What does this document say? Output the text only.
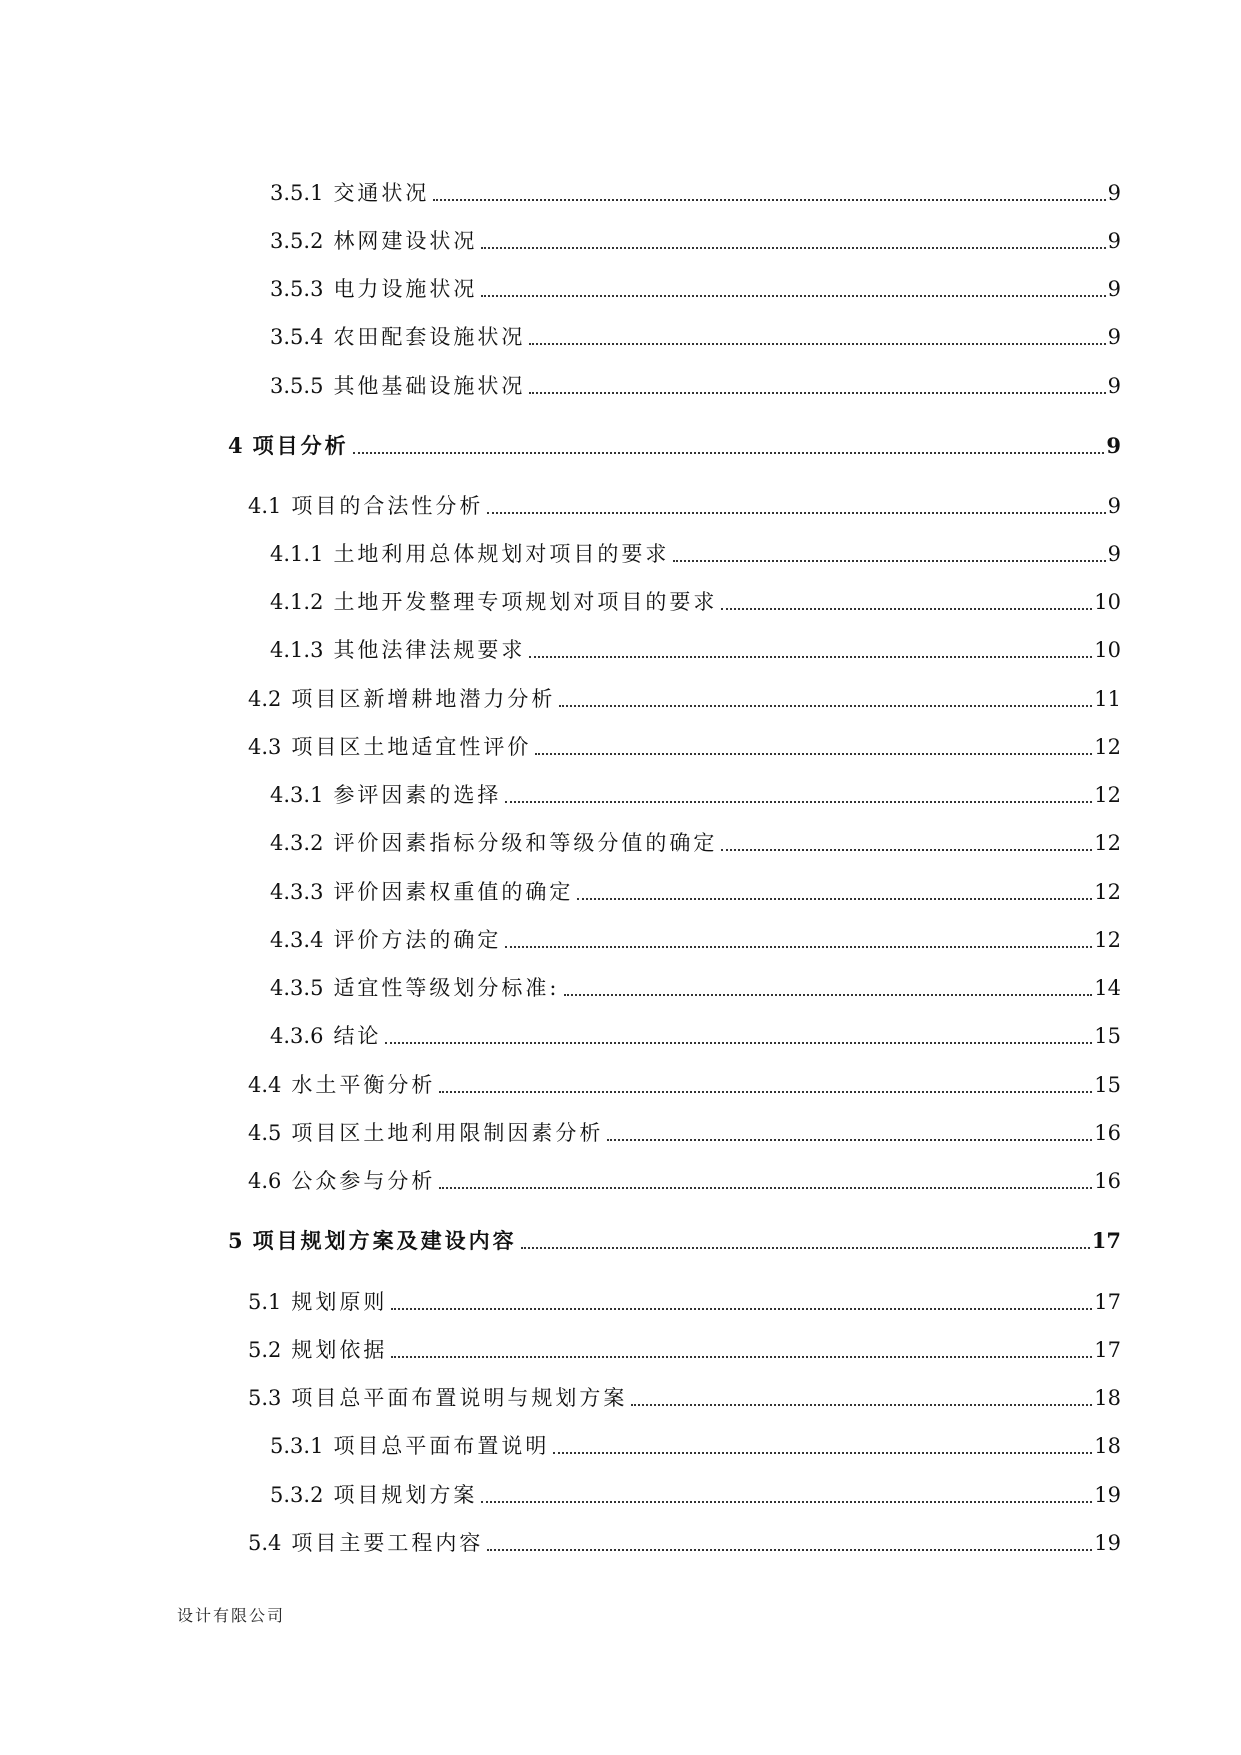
3.5.1 交通状况	9
3.5.2 林网建设状况	9
3.5.3 电力设施状况	9
3.5.4 农田配套设施状况	9
3.5.5 其他基础设施状况	9
4 项目分析	9
4.1 项目的合法性分析	9
4.1.1 土地利用总体规划对项目的要求	9
4.1.2 土地开发整理专项规划对项目的要求	10
4.1.3 其他法律法规要求	10
4.2 项目区新增耕地潜力分析	11
4.3 项目区土地适宜性评价	12
4.3.1 参评因素的选择	12
4.3.2 评价因素指标分级和等级分值的确定	12
4.3.3 评价因素权重值的确定	12
4.3.4 评价方法的确定	12
4.3.5 适宜性等级划分标准:	14
4.3.6 结论	15
4.4 水土平衡分析	15
4.5 项目区土地利用限制因素分析	16
4.6 公众参与分析	16
5 项目规划方案及建设内容	17
5.1 规划原则	17
5.2 规划依据	17
5.3 项目总平面布置说明与规划方案	18
5.3.1 项目总平面布置说明	18
5.3.2 项目规划方案	19
5.4 项目主要工程内容	19
设计有限公司
